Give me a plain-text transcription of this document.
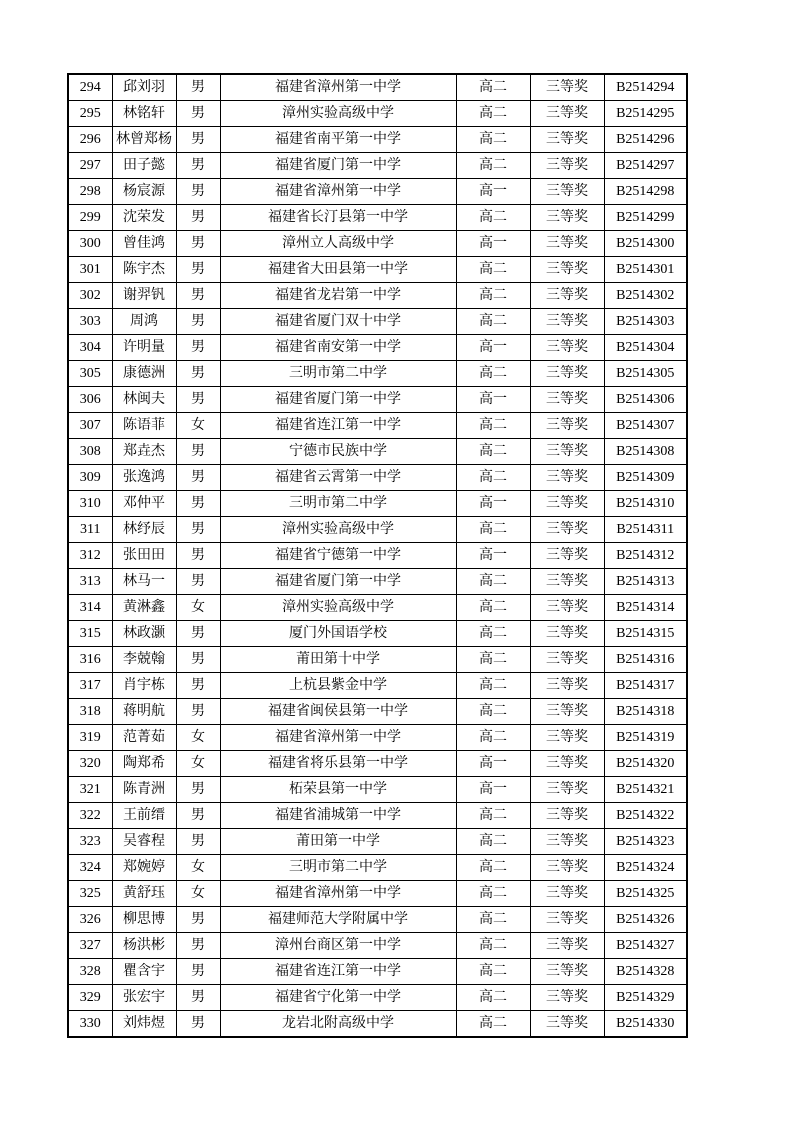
294	邱刘羽	男	福建省漳州第一中学	高二	三等奖	B2514294
295	林铭轩	男	漳州实验高级中学	高二	三等奖	B2514295
296	林曾郑杨	男	福建省南平第一中学	高二	三等奖	B2514296
297	田子懿	男	福建省厦门第一中学	高二	三等奖	B2514297
298	杨宸源	男	福建省漳州第一中学	高一	三等奖	B2514298
299	沈荣发	男	福建省长汀县第一中学	高二	三等奖	B2514299
300	曾佳鸿	男	漳州立人高级中学	高一	三等奖	B2514300
301	陈宇杰	男	福建省大田县第一中学	高二	三等奖	B2514301
302	谢羿钒	男	福建省龙岩第一中学	高二	三等奖	B2514302
303	周鸿	男	福建省厦门双十中学	高二	三等奖	B2514303
304	许明量	男	福建省南安第一中学	高一	三等奖	B2514304
305	康德洲	男	三明市第二中学	高二	三等奖	B2514305
306	林闽夫	男	福建省厦门第一中学	高一	三等奖	B2514306
307	陈语菲	女	福建省连江第一中学	高二	三等奖	B2514307
308	郑垚杰	男	宁德市民族中学	高二	三等奖	B2514308
309	张逸鸿	男	福建省云霄第一中学	高二	三等奖	B2514309
310	邓仲平	男	三明市第二中学	高一	三等奖	B2514310
311	林纾辰	男	漳州实验高级中学	高二	三等奖	B2514311
312	张田田	男	福建省宁德第一中学	高一	三等奖	B2514312
313	林马一	男	福建省厦门第一中学	高二	三等奖	B2514313
314	黄淋鑫	女	漳州实验高级中学	高二	三等奖	B2514314
315	林政灏	男	厦门外国语学校	高二	三等奖	B2514315
316	李兢翰	男	莆田第十中学	高二	三等奖	B2514316
317	肖宇栋	男	上杭县紫金中学	高二	三等奖	B2514317
318	蒋明航	男	福建省闽侯县第一中学	高二	三等奖	B2514318
319	范菁茹	女	福建省漳州第一中学	高二	三等奖	B2514319
320	陶郑希	女	福建省将乐县第一中学	高一	三等奖	B2514320
321	陈青洲	男	柘荣县第一中学	高一	三等奖	B2514321
322	王前缙	男	福建省浦城第一中学	高二	三等奖	B2514322
323	吴睿程	男	莆田第一中学	高二	三等奖	B2514323
324	郑婉婷	女	三明市第二中学	高二	三等奖	B2514324
325	黄舒珏	女	福建省漳州第一中学	高二	三等奖	B2514325
326	柳思博	男	福建师范大学附属中学	高二	三等奖	B2514326
327	杨洪彬	男	漳州台商区第一中学	高二	三等奖	B2514327
328	瞿含宇	男	福建省连江第一中学	高二	三等奖	B2514328
329	张宏宇	男	福建省宁化第一中学	高二	三等奖	B2514329
330	刘炜煜	男	龙岩北附高级中学	高二	三等奖	B2514330
